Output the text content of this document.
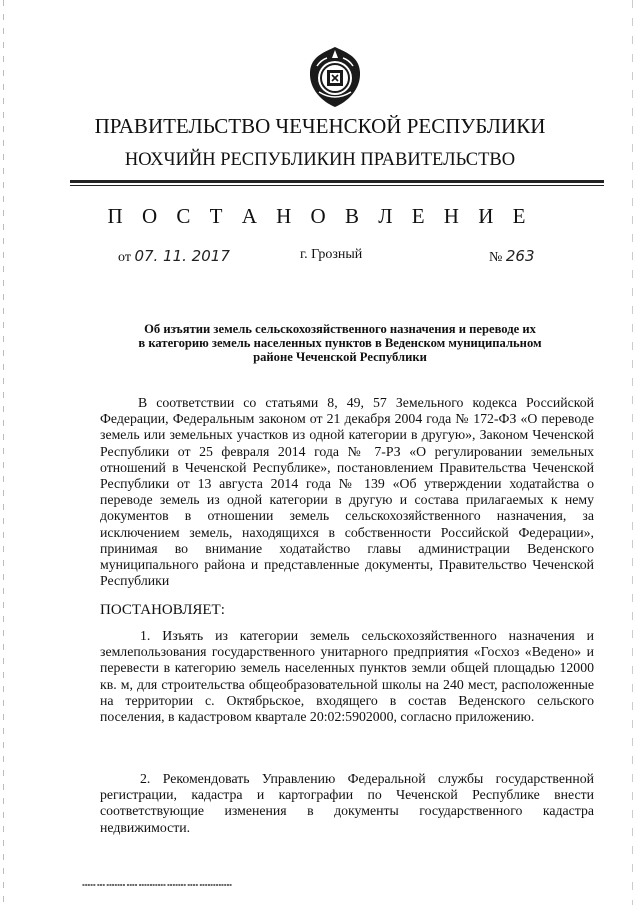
ПРАВИТЕЛЬСТВО ЧЕЧЕНСКОЙ РЕСПУБЛИКИ
НОХЧИЙН РЕСПУБЛИКИН ПРАВИТЕЛЬСТВО
П О С Т А Н О В Л Е Н И Е
от 07. 11. 2017	г. Грозный	№ 263
Об изъятии земель сельскохозяйственного назначения и переводе их
в категорию земель населенных пунктов в Веденском муниципальном
районе Чеченской Республики
В соответствии со статьями 8, 49, 57 Земельного кодекса Российской Федерации, Федеральным законом от 21 декабря 2004 года № 172-ФЗ «О переводе земель или земельных участков из одной категории в другую», Законом Чеченской Республики от 25 февраля 2014 года № 7-РЗ «О регулировании земельных отношений в Чеченской Республике», постановлением Правительства Чеченской Республики от 13 августа 2014 года № 139 «Об утверждении ходатайства о переводе земель из одной категории в другую и состава прилагаемых к нему документов в отношении земель сельскохозяйственного назначения, за исключением земель, находящихся в собственности Российской Федерации», принимая во внимание ходатайство главы администрации Веденского муниципального района и представленные документы, Правительство Чеченской Республики
ПОСТАНОВЛЯЕТ:
1. Изъять из категории земель сельскохозяйственного назначения и землепользования государственного унитарного предприятия «Госхоз «Ведено» и перевести в категорию земель населенных пунктов земли общей площадью 12000 кв. м, для строительства общеобразовательной школы на 240 мест, расположенные на территории с. Октябрьское, входящего в состав Веденского сельского поселения, в кадастровом квартале 20:02:5902000, согласно приложению.
2. Рекомендовать Управлению Федеральной службы государственной регистрации, кадастра и картографии по Чеченской Республике внести соответствующие изменения в документы государственного кадастра недвижимости.
▪▪▪▪▪ ▪▪▪ ▪▪▪▪▪▪▪ ▪▪▪▪ ▪▪▪▪▪▪▪▪▪▪ ▪▪▪▪▪▪▪ ▪▪▪▪ ▪▪▪▪▪▪▪▪▪▪▪▪
